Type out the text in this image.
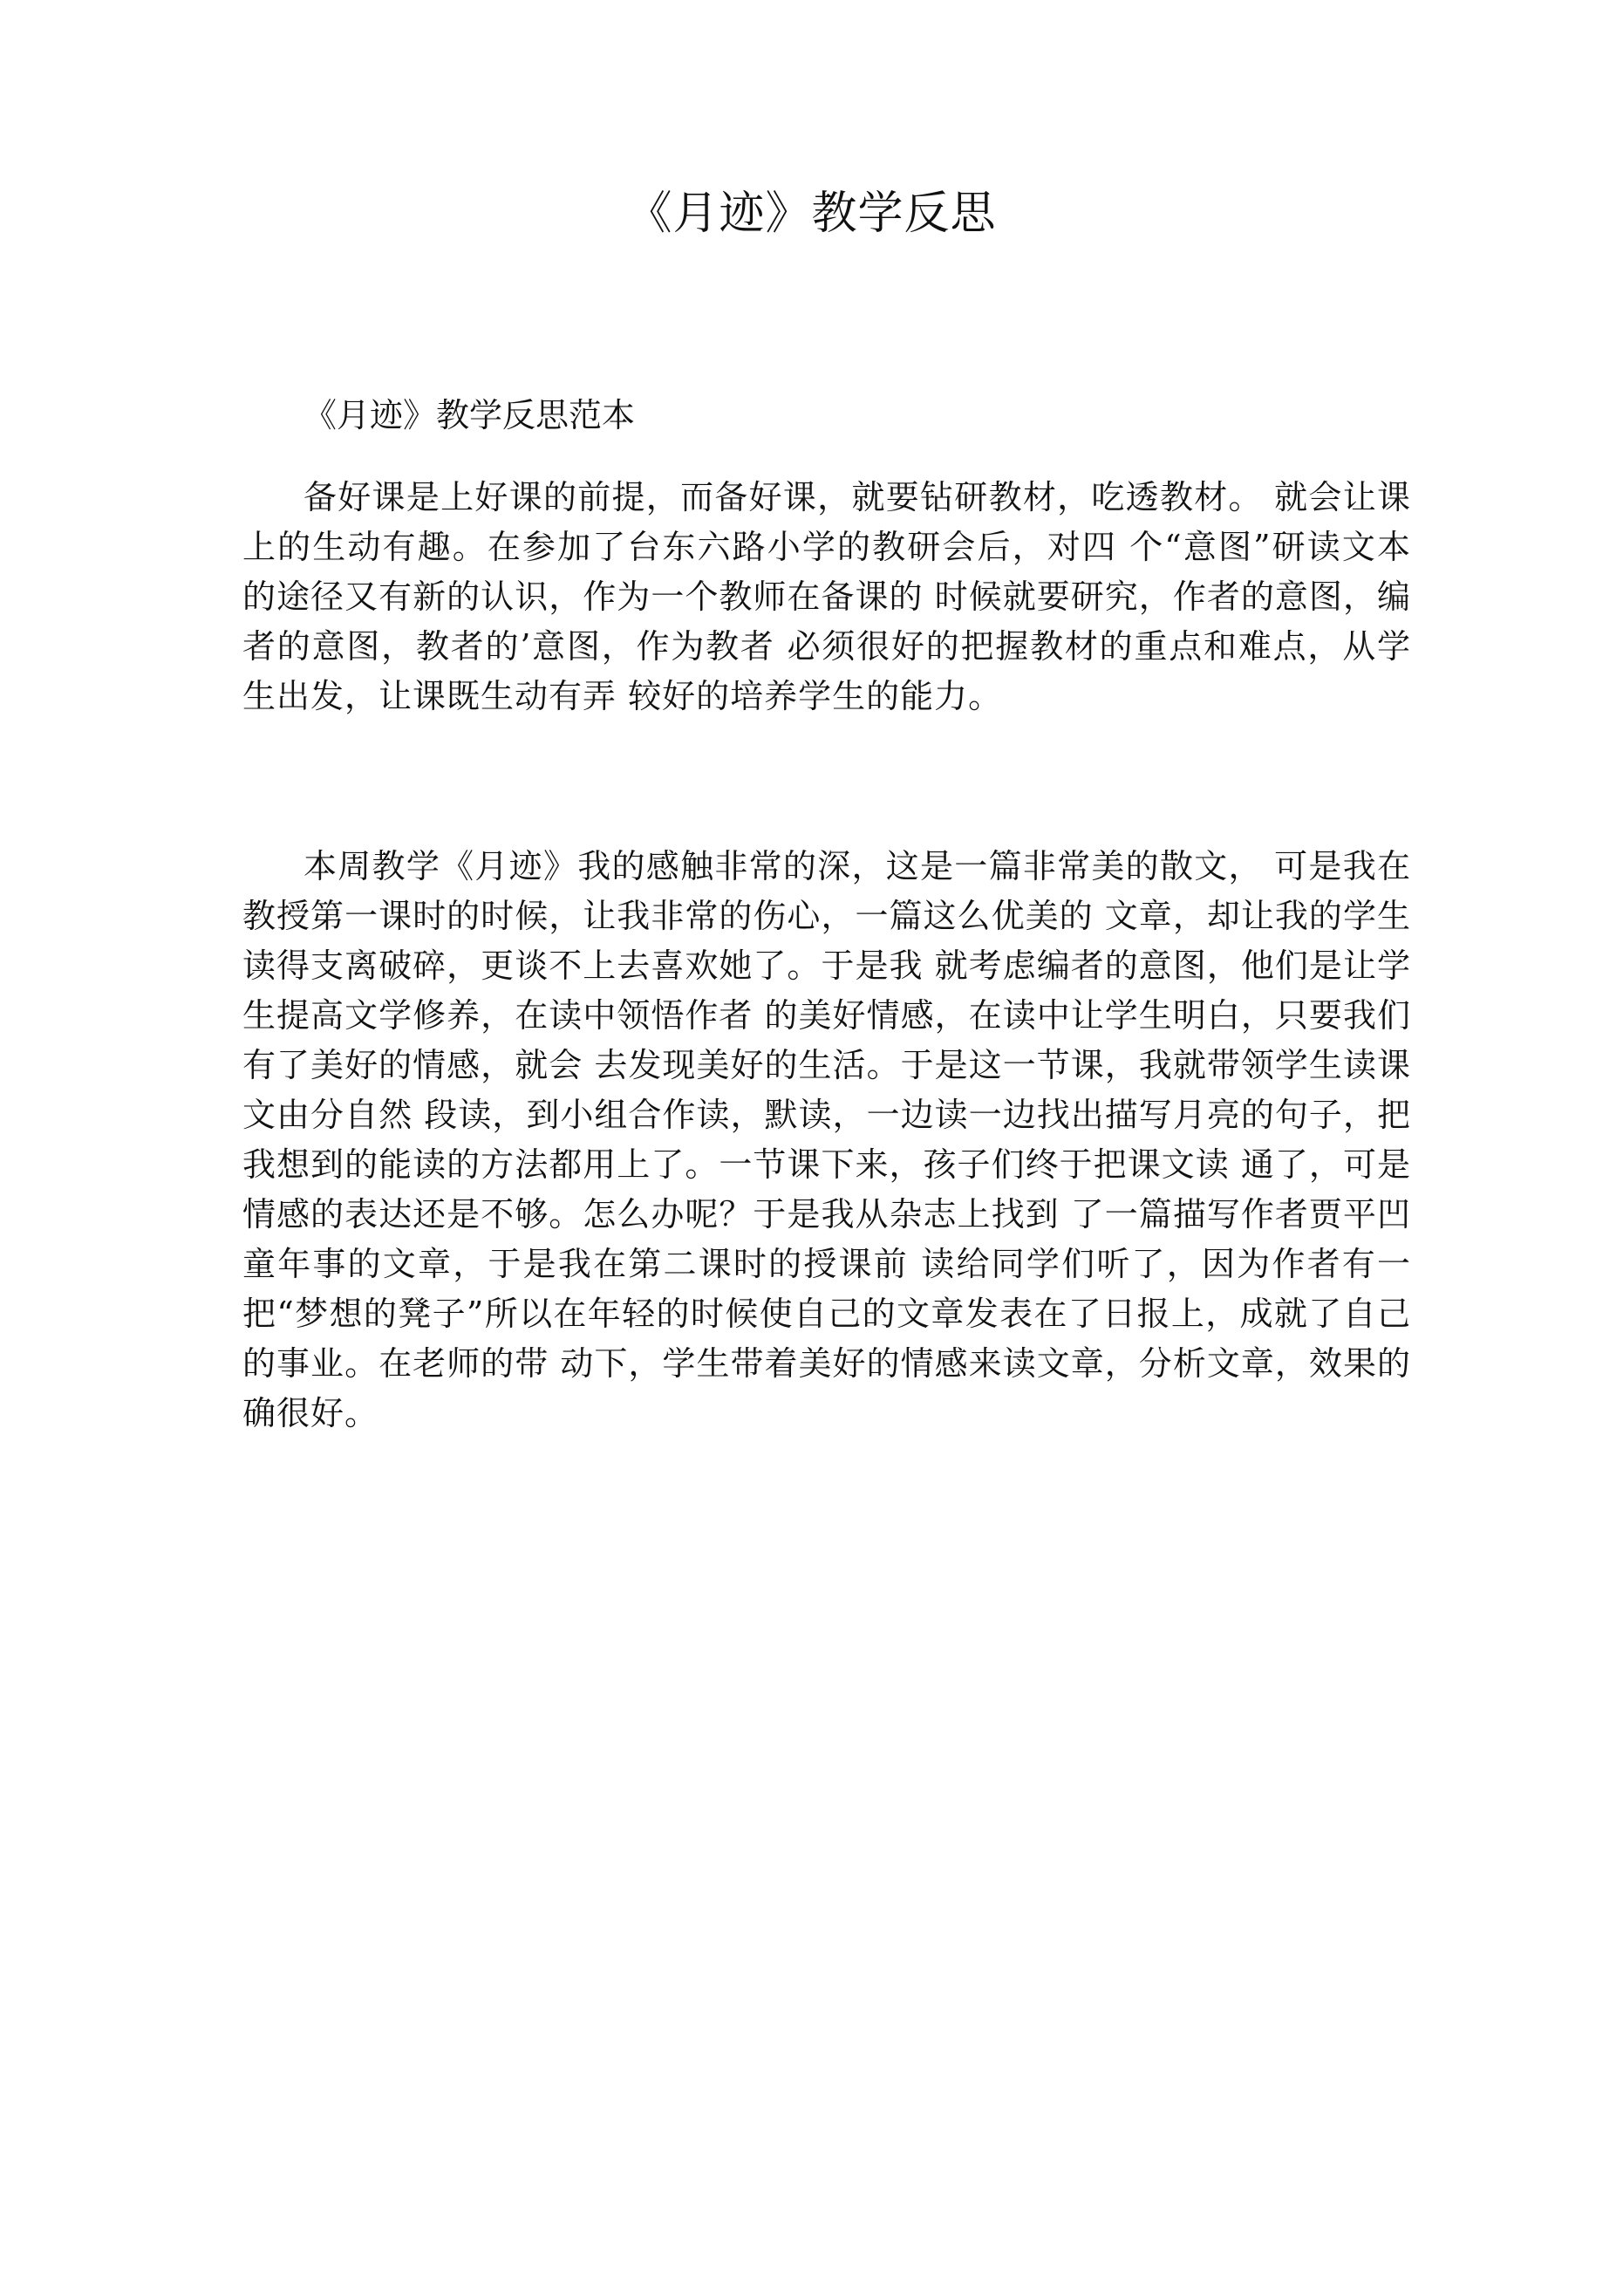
《月迹》教学反思

《月迹》教学反思范本

备好课是上好课的前提，而备好课，就要钻研教材，吃透教材。 就会让课上的生动有趣。在参加了台东六路小学的教研会后，对四 个“意图”研读文本的途径又有新的认识，作为一个教师在备课的 时候就要研究，作者的意图，编者的意图，教者的’意图，作为教者 必须很好的把握教材的重点和难点，从学生出发，让课既生动有弄 较好的培养学生的能力。

本周教学《月迹》我的感触非常的深，这是一篇非常美的散文， 可是我在教授第一课时的时候，让我非常的伤心，一篇这么优美的 文章，却让我的学生读得支离破碎，更谈不上去喜欢她了。于是我 就考虑编者的意图，他们是让学生提高文学修养，在读中领悟作者 的美好情感，在读中让学生明白，只要我们有了美好的情感，就会 去发现美好的生活。于是这一节课，我就带领学生读课文由分自然 段读，到小组合作读，默读，一边读一边找出描写月亮的句子，把 我想到的能读的方法都用上了。一节课下来，孩子们终于把课文读 通了，可是情感的表达还是不够。怎么办呢？于是我从杂志上找到 了一篇描写作者贾平凹童年事的文章，于是我在第二课时的授课前 读给同学们听了，因为作者有一把“梦想的凳子”所以在年轻的时候使自己的文章发表在了日报上，成就了自己的事业。在老师的带 动下，学生带着美好的情感来读文章，分析文章，效果的确很好。
